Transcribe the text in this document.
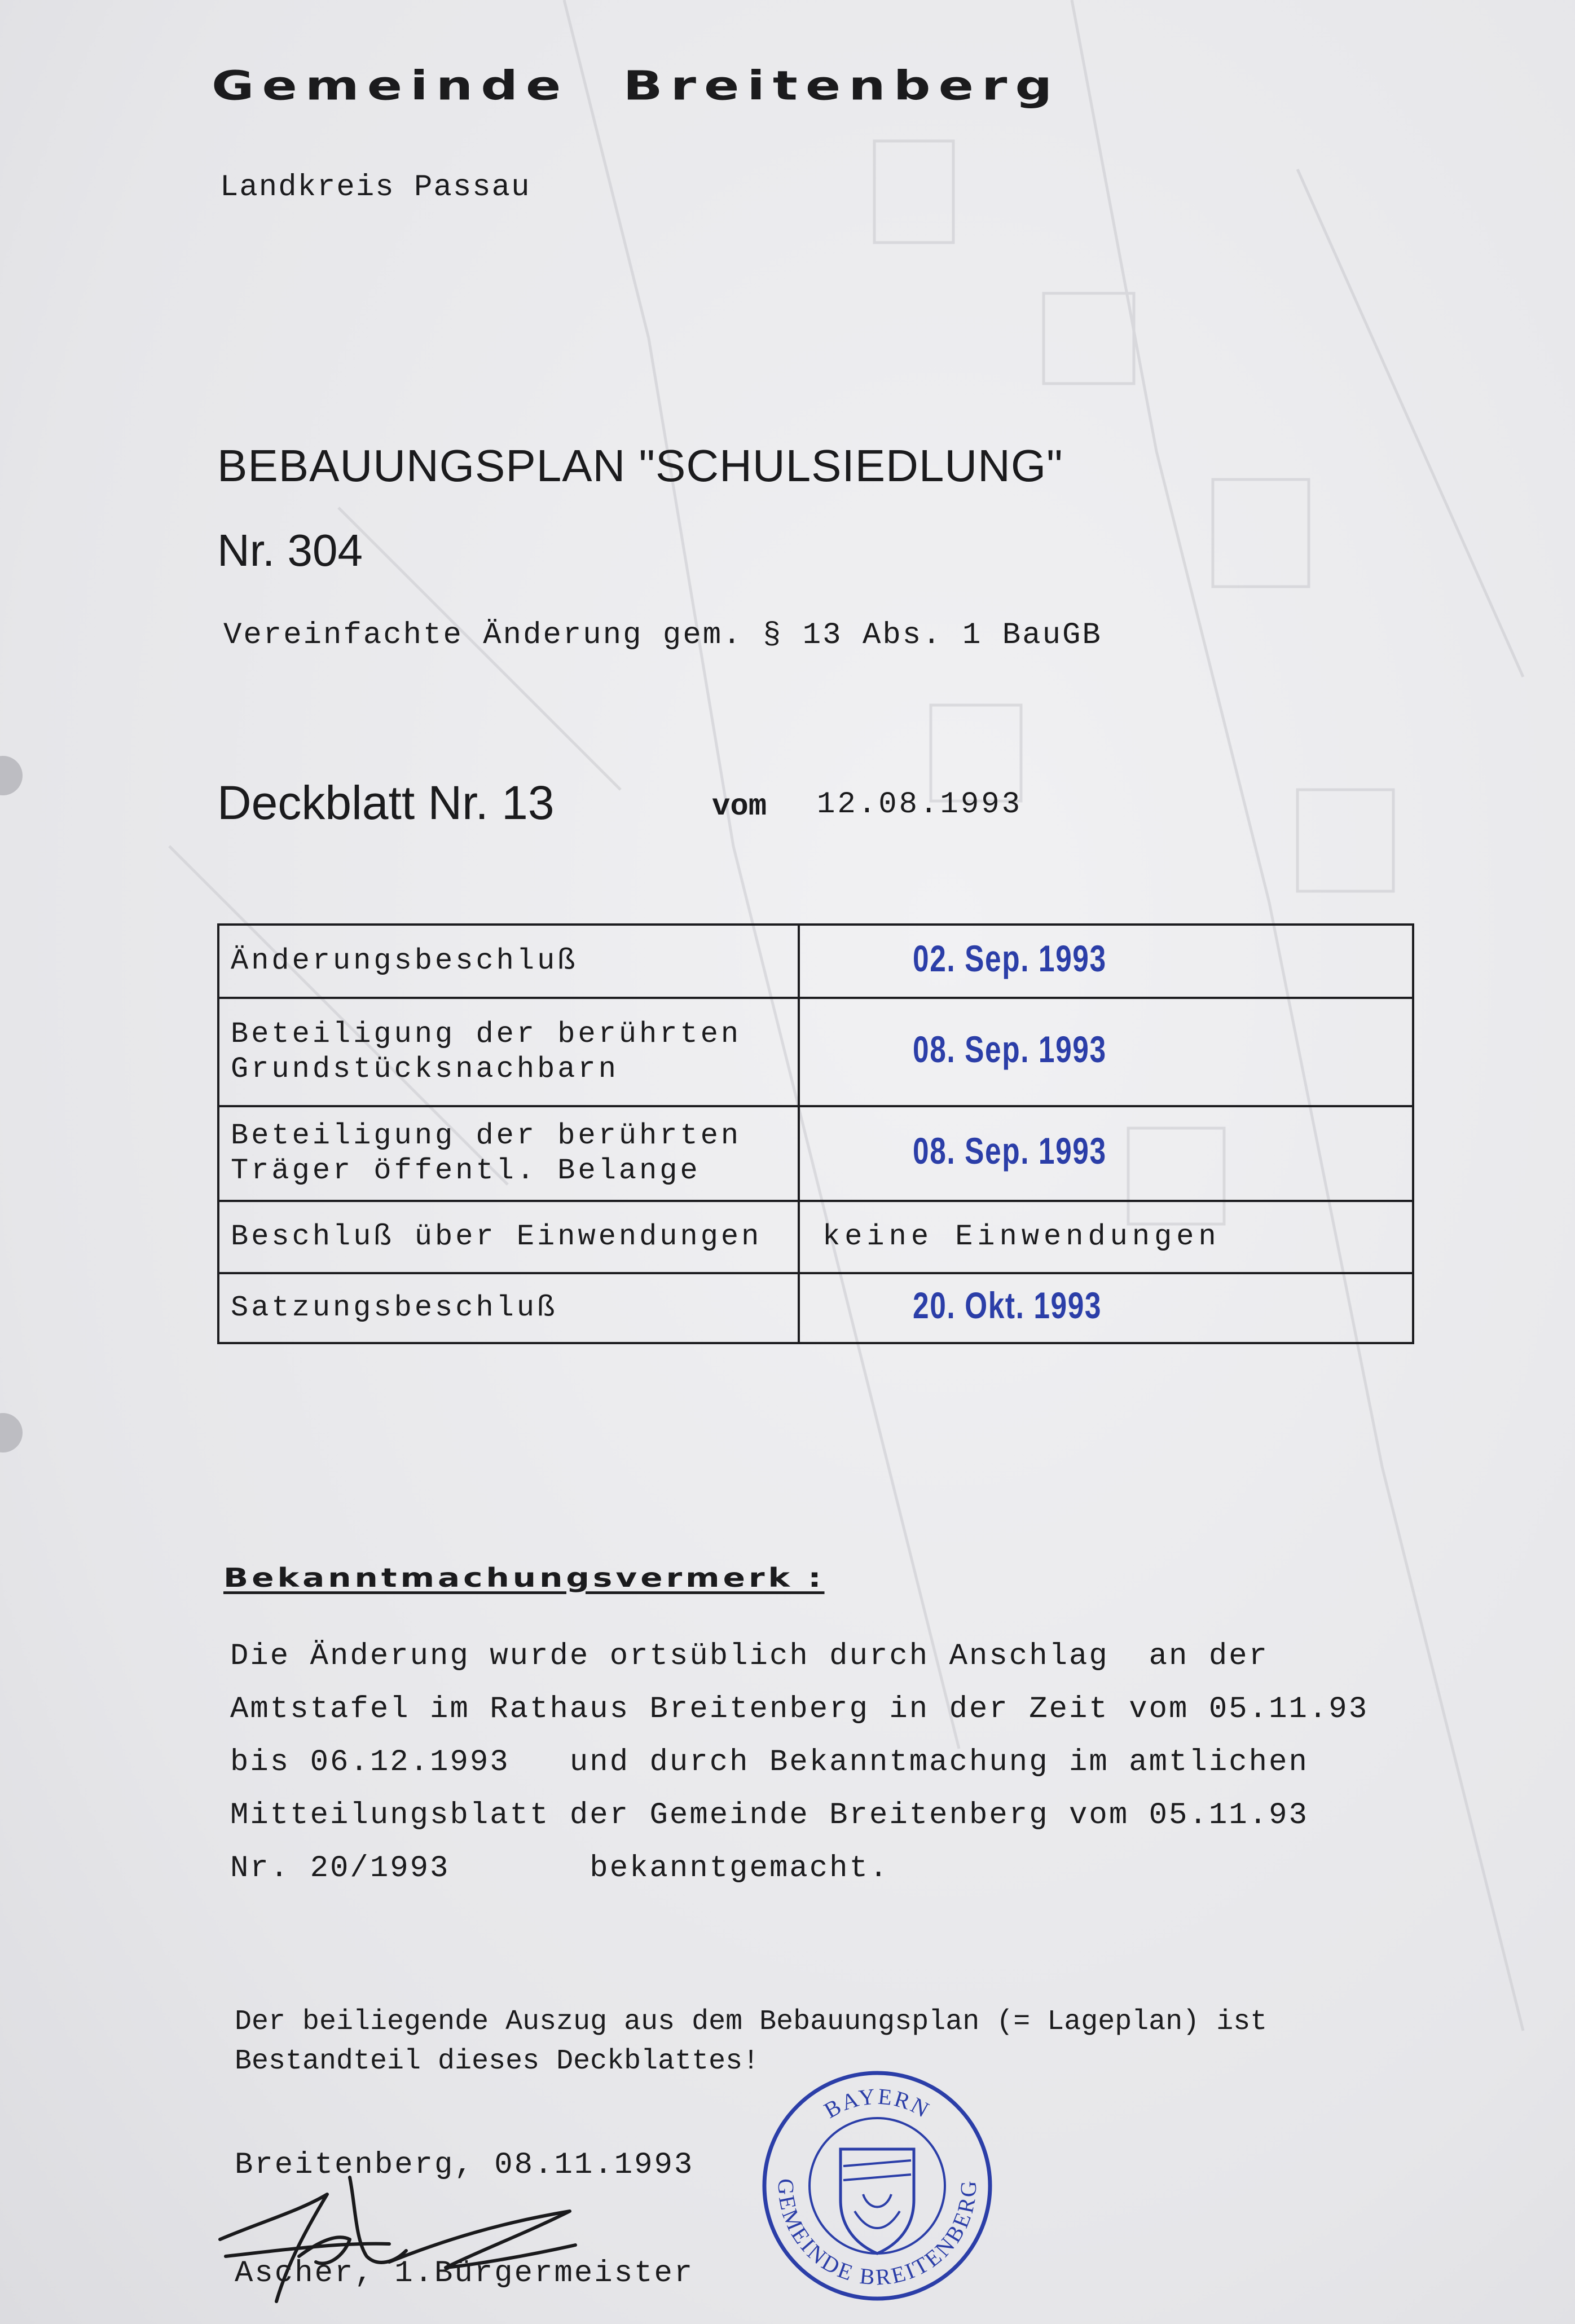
Gemeinde Breitenberg
Landkreis Passau
BEBAUUNGSPLAN "SCHULSIEDLUNG"
Nr. 304
Vereinfachte Änderung gem. § 13 Abs. 1 BauGB
Deckblatt Nr. 13	vom 12.08.1993
Änderungsbeschluß	02. Sep. 1993
Beteiligung der berührten
Grundstücksnachbarn	08. Sep. 1993
Beteiligung der berührten
Träger öffentl. Belange	08. Sep. 1993
Beschluß über Einwendungen	keine Einwendungen
Satzungsbeschluß	20. Okt. 1993
Bekanntmachungsvermerk :
Die Änderung wurde ortsüblich durch Anschlag  an der
Amtstafel im Rathaus Breitenberg in der Zeit vom 05.11.93
bis 06.12.1993   und durch Bekanntmachung im amtlichen
Mitteilungsblatt der Gemeinde Breitenberg vom 05.11.93
Nr. 20/1993       bekanntgemacht.
Der beiliegende Auszug aus dem Bebauungsplan (= Lageplan) ist
Bestandteil dieses Deckblattes!
Breitenberg, 08.11.1993
Ascher, 1.Bürgermeister
BAYERN
GEMEINDE BREITENBERG
